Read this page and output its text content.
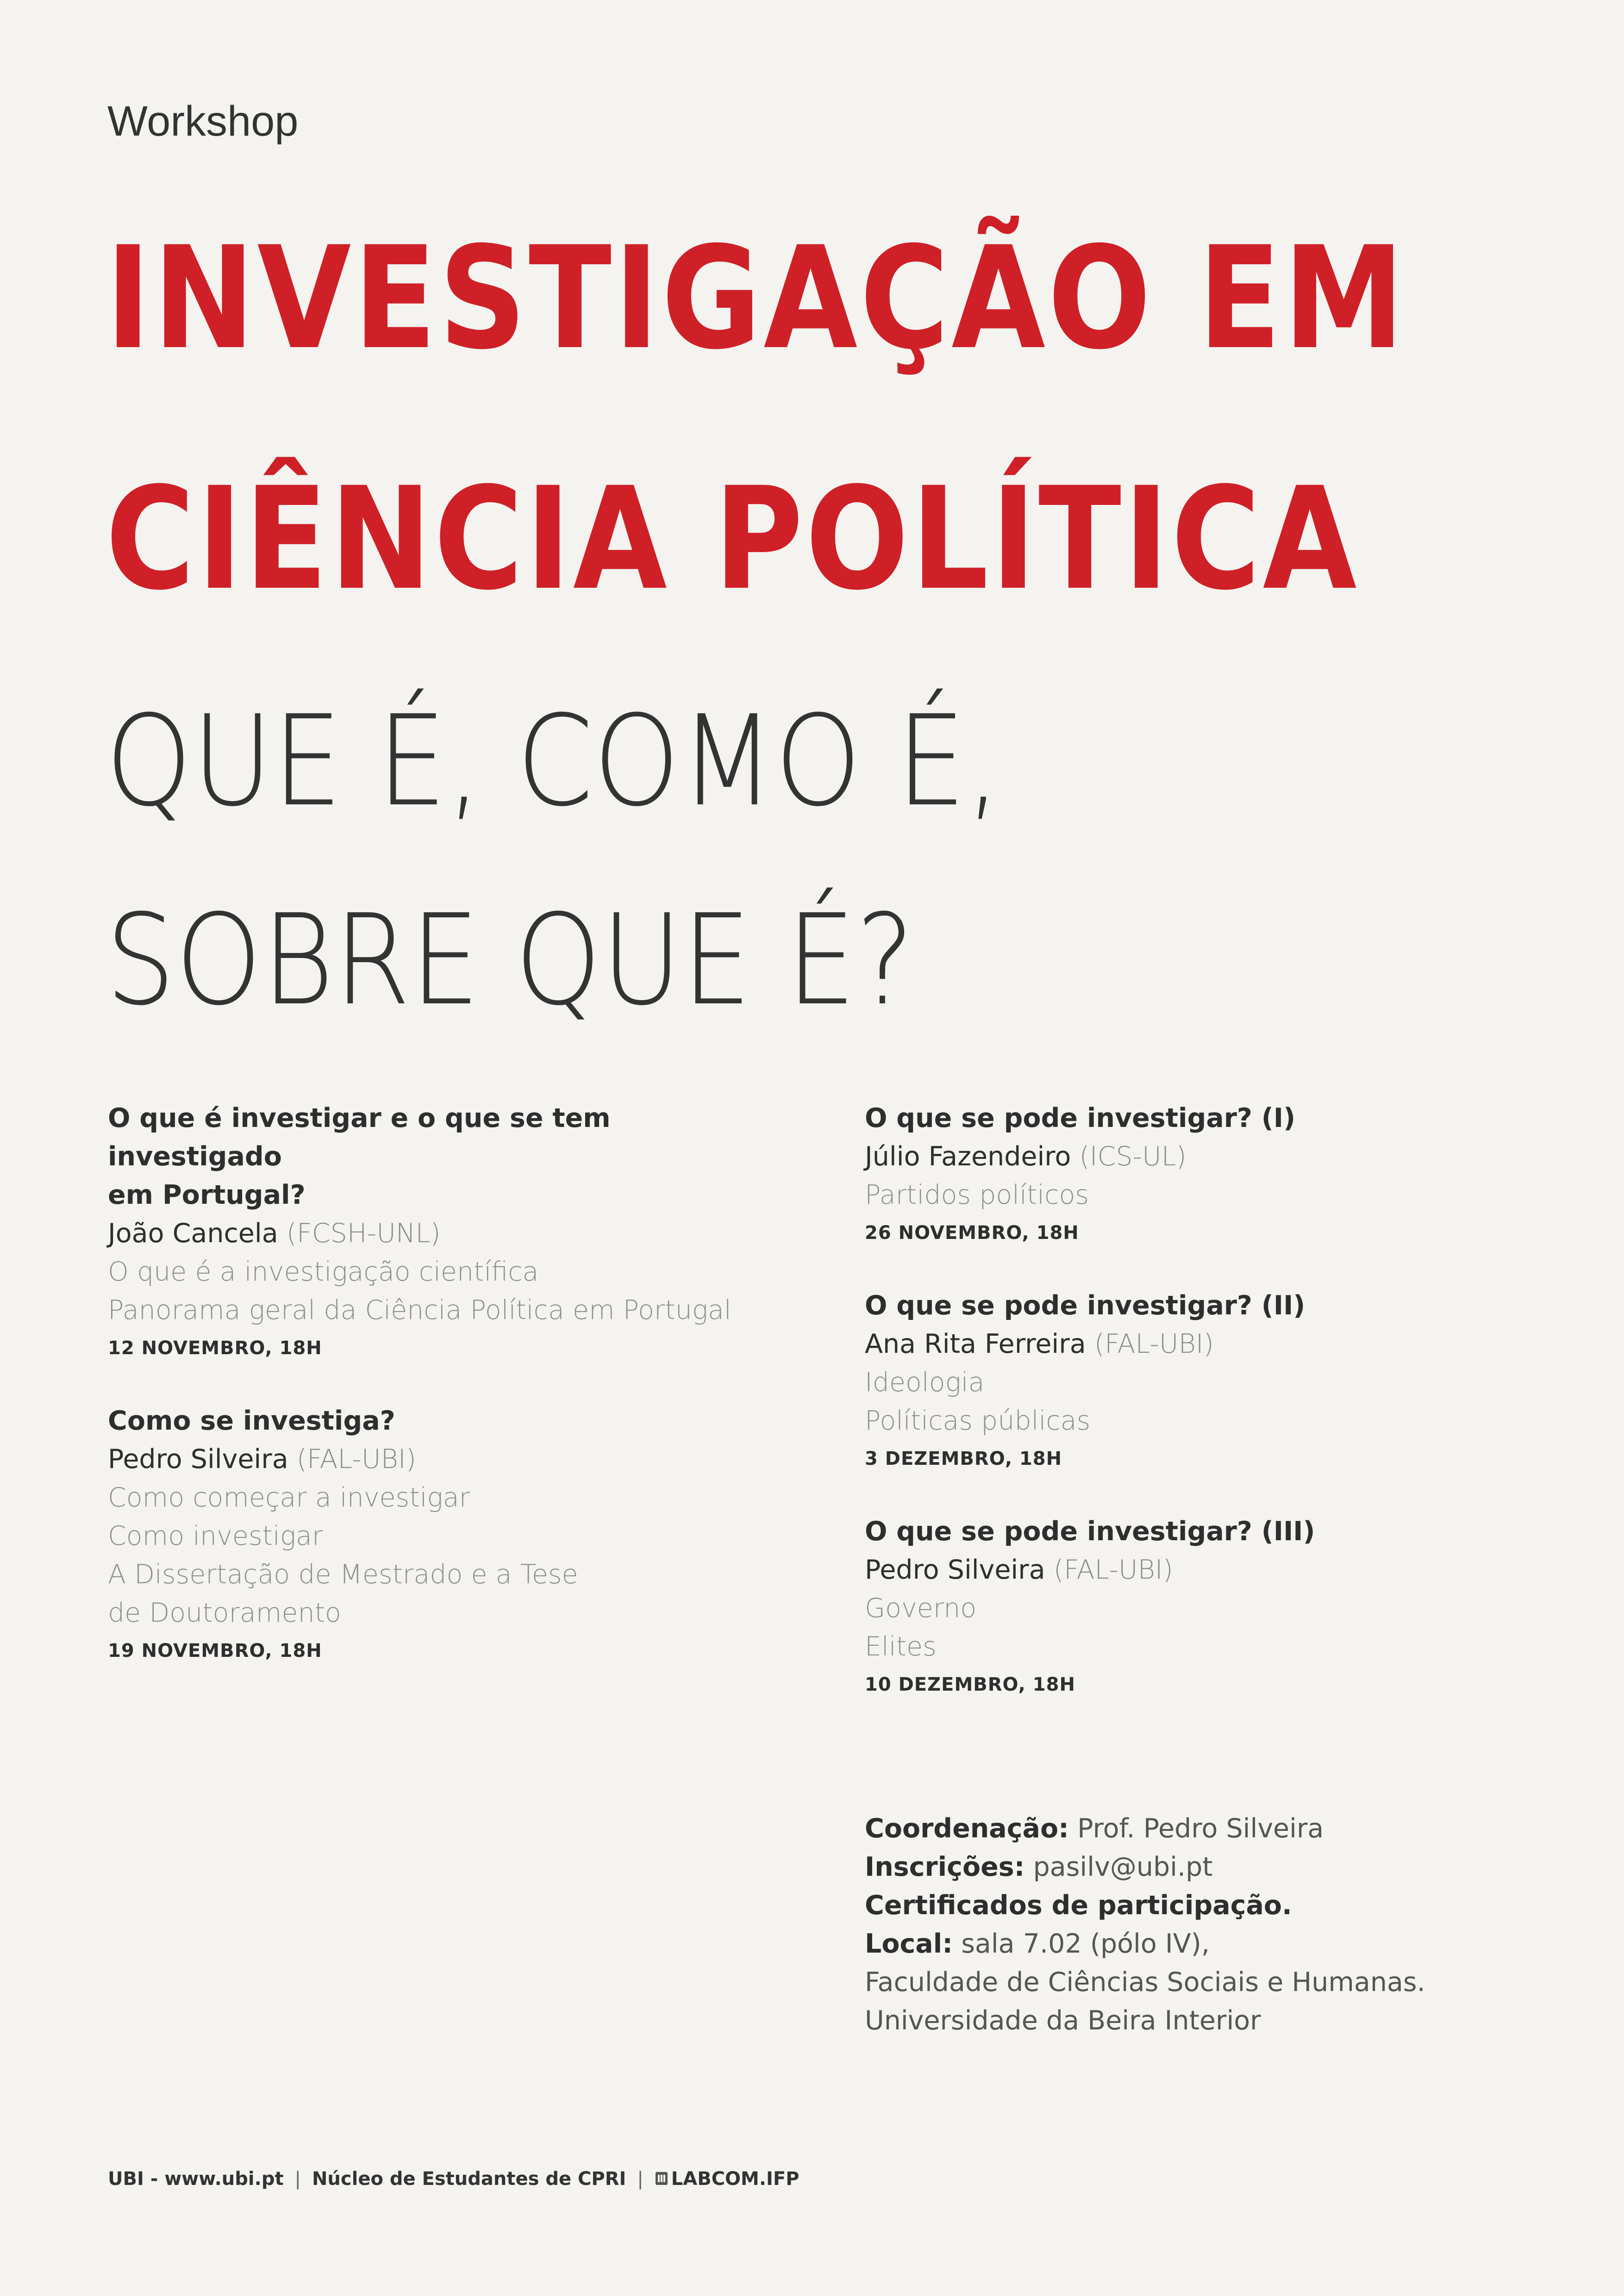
Workshop
INVESTIGAÇÃO EM
CIÊNCIA POLÍTICA
QUE É, COMO É,
SOBRE QUE É?
O que é investigar e o que se tem investigado
em Portugal?
João Cancela (FCSH-UNL)
O que é a investigação científica
Panorama geral da Ciência Política em Portugal
12 NOVEMBRO, 18H
Como se investiga?
Pedro Silveira (FAL-UBI)
Como começar a investigar
Como investigar
A Dissertação de Mestrado e a Tese
de Doutoramento
19 NOVEMBRO, 18H
O que se pode investigar? (I)
Júlio Fazendeiro (ICS-UL)
Partidos políticos
26 NOVEMBRO, 18H
O que se pode investigar? (II)
Ana Rita Ferreira (FAL-UBI)
Ideologia
Políticas públicas
3 DEZEMBRO, 18H
O que se pode investigar? (III)
Pedro Silveira (FAL-UBI)
Governo
Elites
10 DEZEMBRO, 18H
Coordenação: Prof. Pedro Silveira
Inscrições: pasilv@ubi.pt
Certificados de participação.
Local: sala 7.02 (pólo IV),
Faculdade de Ciências Sociais e Humanas.
Universidade da Beira Interior
UBI - www.ubi.pt | Núcleo de Estudantes de CPRI | LABCOM.IFP
